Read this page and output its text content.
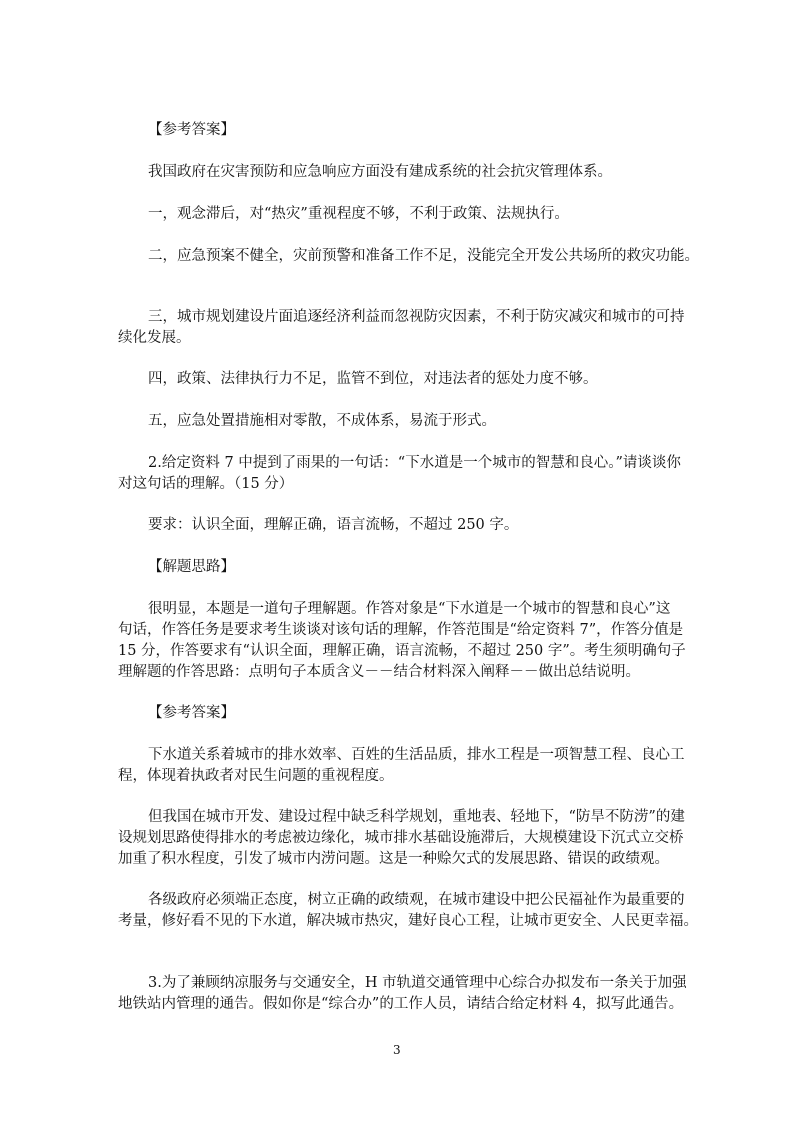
【参考答案】
我国政府在灾害预防和应急响应方面没有建成系统的社会抗灾管理体系。
一，观念滞后，对“热灾”重视程度不够，不利于政策、法规执行。
二，应急预案不健全，灾前预警和准备工作不足，没能完全开发公共场所的救灾功能。
三，城市规划建设片面追逐经济利益而忽视防灾因素，不利于防灾减灾和城市的可持
续化发展。
四，政策、法律执行力不足，监管不到位，对违法者的惩处力度不够。
五，应急处置措施相对零散，不成体系，易流于形式。
2.给定资料 7 中提到了雨果的一句话：“下水道是一个城市的智慧和良心。”请谈谈你
对这句话的理解。（15 分）
要求：认识全面，理解正确，语言流畅，不超过 250 字。
【解题思路】
很明显，本题是一道句子理解题。作答对象是“下水道是一个城市的智慧和良心”这
句话，作答任务是要求考生谈谈对该句话的理解，作答范围是“给定资料 7”，作答分值是
15 分，作答要求有“认识全面，理解正确，语言流畅，不超过 250 字”。考生须明确句子
理解题的作答思路：点明句子本质含义－－结合材料深入阐释－－做出总结说明。
【参考答案】
下水道关系着城市的排水效率、百姓的生活品质，排水工程是一项智慧工程、良心工
程，体现着执政者对民生问题的重视程度。
但我国在城市开发、建设过程中缺乏科学规划，重地表、轻地下，“防旱不防涝”的建
设规划思路使得排水的考虑被边缘化，城市排水基础设施滞后，大规模建设下沉式立交桥
加重了积水程度，引发了城市内涝问题。这是一种赊欠式的发展思路、错误的政绩观。
各级政府必须端正态度，树立正确的政绩观，在城市建设中把公民福祉作为最重要的
考量，修好看不见的下水道，解决城市热灾，建好良心工程，让城市更安全、人民更幸福。
3.为了兼顾纳凉服务与交通安全，H 市轨道交通管理中心综合办拟发布一条关于加强
地铁站内管理的通告。假如你是“综合办”的工作人员，请结合给定材料 4，拟写此通告。
3
